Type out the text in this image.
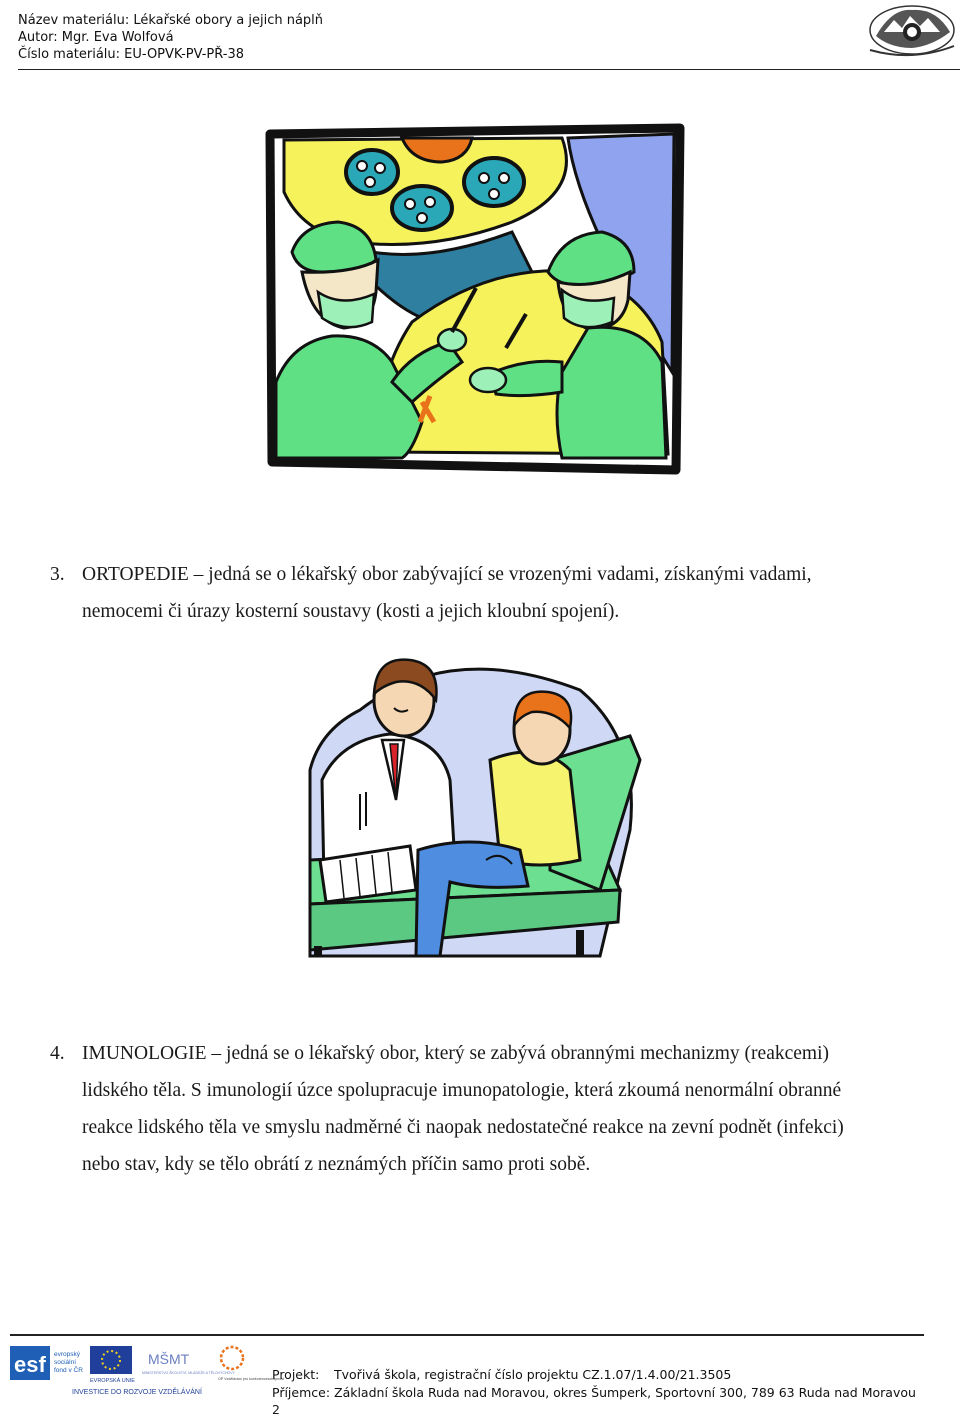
Název materiálu: Lékařské obory a jejich náplň
Autor: Mgr. Eva Wolfová
Číslo materiálu: EU-OPVK-PV-PŘ-38
3. ORTOPEDIE – jedná se o lékařský obor zabývající se vrozenými vadami, získanými vadami,
nemocemi či úrazy kosterní soustavy (kosti a jejich kloubní spojení).
4. IMUNOLOGIE – jedná se o lékařský obor, který se zabývá obrannými mechanizmy (reakcemi)
lidského těla. S imunologií úzce spolupracuje imunopatologie, která zkoumá nenormální obranné
reakce lidského těla ve smyslu nadměrné či naopak nedostatečné reakce na zevní podnět (infekci)
nebo stav, kdy se tělo obrátí z neznámých příčin samo proti sobě.
esf evropský
sociální
fond v ČR
EVROPSKÁ UNIE
MŠMT
MINISTERSTVO ŠKOLSTVÍ, MLÁDEŽE A TĚLOVÝCHOVY
OP Vzdělávání pro konkurenceschopnost
INVESTICE DO ROZVOJE VZDĚLÁVÁNÍ
Projekt: Tvořivá škola, registrační číslo projektu CZ.1.07/1.4.00/21.3505
Příjemce: Základní škola Ruda nad Moravou, okres Šumperk, Sportovní 300, 789 63 Ruda nad Moravou
2
